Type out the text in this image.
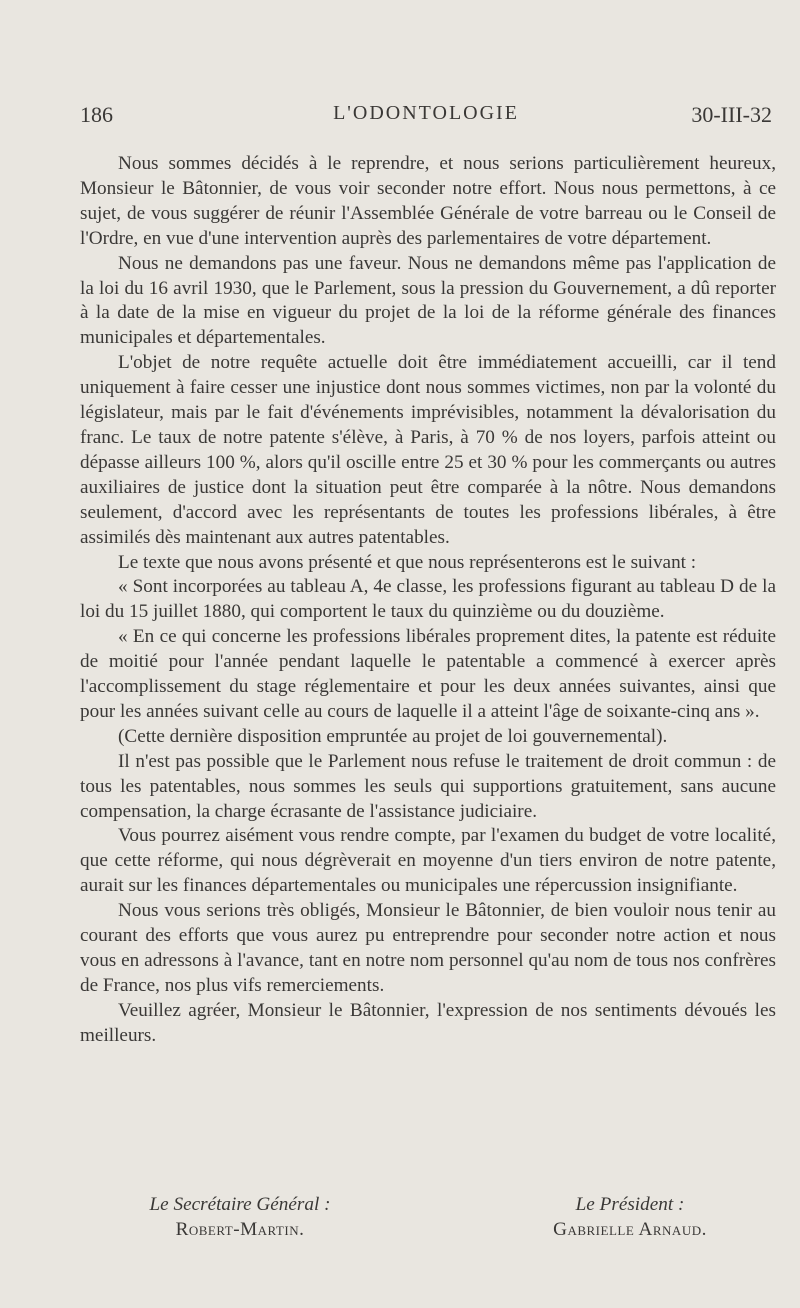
186	L'ODONTOLOGIE	30-III-32

Nous sommes décidés à le reprendre, et nous serions particulièrement heureux, Monsieur le Bâtonnier, de vous voir seconder notre effort. Nous nous permettons, à ce sujet, de vous suggérer de réunir l'Assemblée Générale de votre barreau ou le Conseil de l'Ordre, en vue d'une intervention auprès des parlementaires de votre département.

Nous ne demandons pas une faveur. Nous ne demandons même pas l'application de la loi du 16 avril 1930, que le Parlement, sous la pression du Gouvernement, a dû reporter à la date de la mise en vigueur du projet de la loi de la réforme générale des finances municipales et départementales.

L'objet de notre requête actuelle doit être immédiatement accueilli, car il tend uniquement à faire cesser une injustice dont nous sommes victimes, non par la volonté du législateur, mais par le fait d'événements imprévisibles, notamment la dévalorisation du franc. Le taux de notre patente s'élève, à Paris, à 70 % de nos loyers, parfois atteint ou dépasse ailleurs 100 %, alors qu'il oscille entre 25 et 30 % pour les commerçants ou autres auxiliaires de justice dont la situation peut être comparée à la nôtre. Nous demandons seulement, d'accord avec les représentants de toutes les professions libérales, à être assimilés dès maintenant aux autres patentables.

Le texte que nous avons présenté et que nous représenterons est le suivant :

« Sont incorporées au tableau A, 4e classe, les professions figurant au tableau D de la loi du 15 juillet 1880, qui comportent le taux du quinzième ou du douzième.

« En ce qui concerne les professions libérales proprement dites, la patente est réduite de moitié pour l'année pendant laquelle le patentable a commencé à exercer après l'accomplissement du stage réglementaire et pour les deux années suivantes, ainsi que pour les années suivant celle au cours de laquelle il a atteint l'âge de soixante-cinq ans ».

(Cette dernière disposition empruntée au projet de loi gouvernemental).

Il n'est pas possible que le Parlement nous refuse le traitement de droit commun : de tous les patentables, nous sommes les seuls qui supportions gratuitement, sans aucune compensation, la charge écrasante de l'assistance judiciaire.

Vous pourrez aisément vous rendre compte, par l'examen du budget de votre localité, que cette réforme, qui nous dégrèverait en moyenne d'un tiers environ de notre patente, aurait sur les finances départementales ou municipales une répercussion insignifiante.

Nous vous serions très obligés, Monsieur le Bâtonnier, de bien vouloir nous tenir au courant des efforts que vous aurez pu entreprendre pour seconder notre action et nous vous en adressons à l'avance, tant en notre nom personnel qu'au nom de tous nos confrères de France, nos plus vifs remerciements.

Veuillez agréer, Monsieur le Bâtonnier, l'expression de nos sentiments dévoués les meilleurs.

Le Secrétaire Général :
Robert-Martin.
Le Président :
Gabrielle Arnaud.
